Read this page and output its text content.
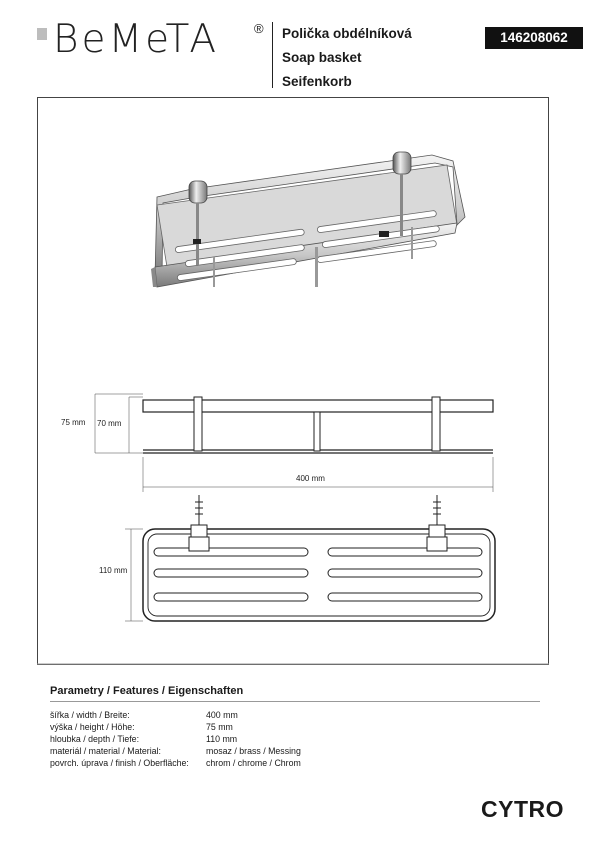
BeMeTA	® Polička obdélníková
Soap basket
Seifenkorb
146208062
75 mm 70 mm
400 mm
110 mm
Parametry / Features / Eigenschaften
šířka / width / Breite:	400 mm
výška / height / Höhe:	75 mm
hloubka / depth / Tiefe:	110 mm
materiál / material / Material:	mosaz / brass / Messing
povrch. úprava / finish / Oberfläche:	chrom / chrome / Chrom
CYTRO
